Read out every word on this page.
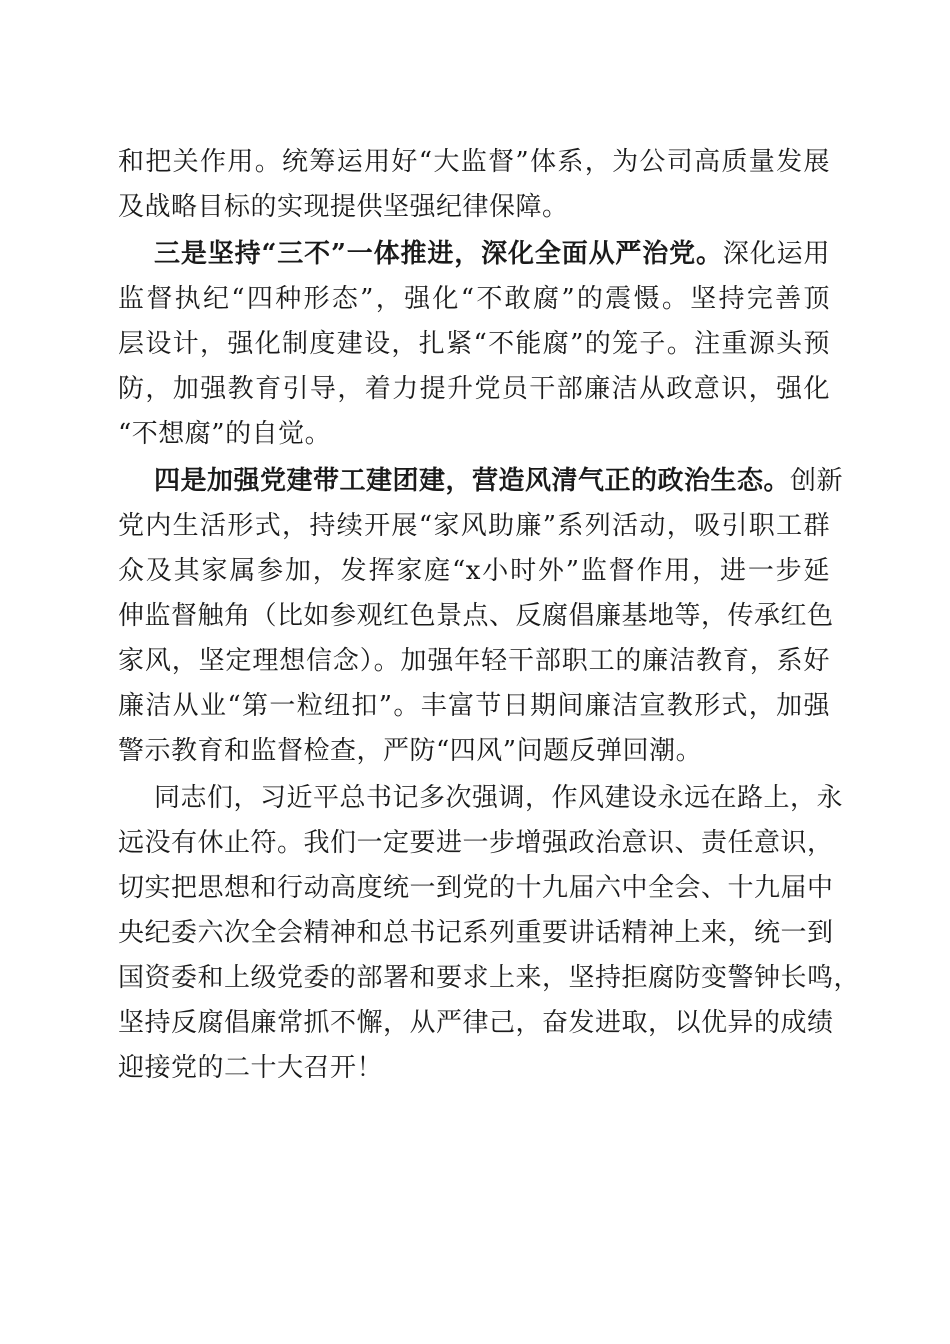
和把关作用。统筹运用好“大监督”体系，为公司高质量发展
及战略目标的实现提供坚强纪律保障。
三是坚持“三不”一体推进，深化全面从严治党。深化运用
监督执纪“四种形态”，强化“不敢腐”的震慑。坚持完善顶
层设计，强化制度建设，扎紧“不能腐”的笼子。注重源头预
防，加强教育引导，着力提升党员干部廉洁从政意识，强化
“不想腐”的自觉。
四是加强党建带工建团建，营造风清气正的政治生态。创新
党内生活形式，持续开展“家风助廉”系列活动，吸引职工群
众及其家属参加，发挥家庭“x小时外”监督作用，进一步延
伸监督触角（比如参观红色景点、反腐倡廉基地等，传承红色
家风，坚定理想信念）。加强年轻干部职工的廉洁教育，系好
廉洁从业“第一粒纽扣”。丰富节日期间廉洁宣教形式，加强
警示教育和监督检查，严防“四风”问题反弹回潮。
同志们，习近平总书记多次强调，作风建设永远在路上，永
远没有休止符。我们一定要进一步增强政治意识、责任意识，
切实把思想和行动高度统一到党的十九届六中全会、十九届中
央纪委六次全会精神和总书记系列重要讲话精神上来，统一到
国资委和上级党委的部署和要求上来，坚持拒腐防变警钟长鸣，
坚持反腐倡廉常抓不懈，从严律己，奋发进取，以优异的成绩
迎接党的二十大召开！
